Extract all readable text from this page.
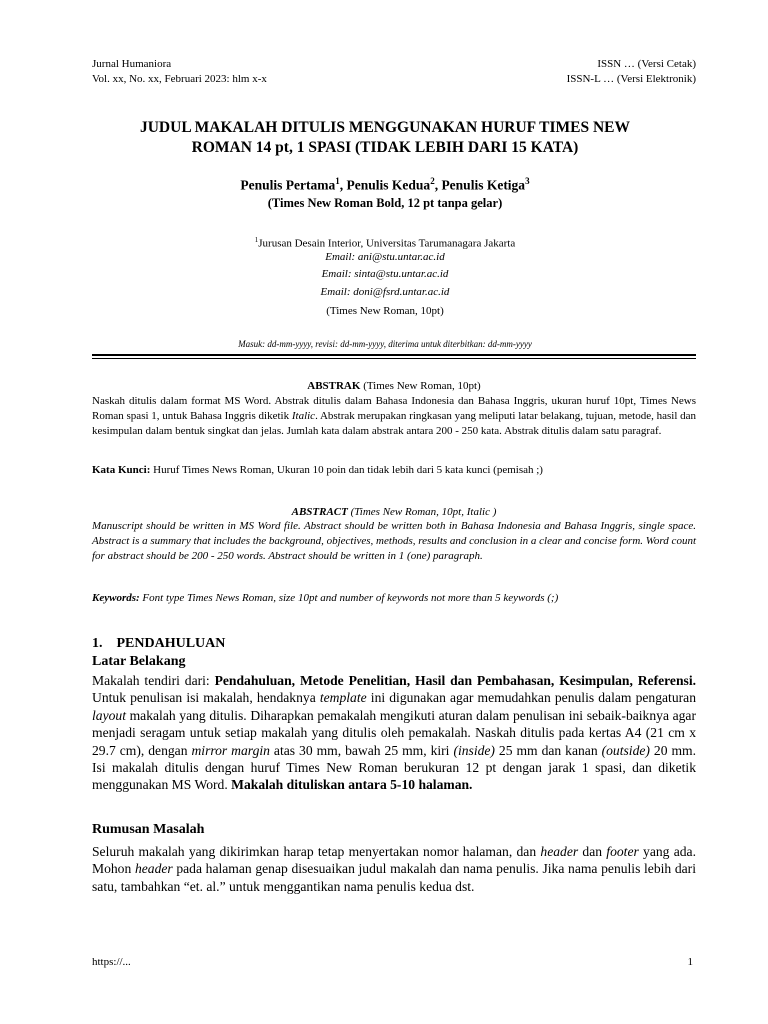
Jurnal Humaniora
Vol. xx, No. xx, Februari 2023: hlm x-x
ISSN … (Versi Cetak)
ISSN-L … (Versi Elektronik)
JUDUL MAKALAH DITULIS MENGGUNAKAN HURUF TIMES NEW
ROMAN 14 pt, 1 SPASI (TIDAK LEBIH DARI 15 KATA)
Penulis Pertama$^1$, Penulis Kedua$^2$, Penulis Ketiga$^3$
(Times New Roman Bold, 12 pt tanpa gelar)
$^1$Jurusan Desain Interior, Universitas Tarumanagara Jakarta
Email: ani@stu.untar.ac.id
Email: sinta@stu.untar.ac.id
Email: doni@fsrd.untar.ac.id
(Times New Roman, 10pt)
Masuk: dd-mm-yyyy, revisi: dd-mm-yyyy, diterima untuk diterbitkan: dd-mm-yyyy
ABSTRAK (Times New Roman, 10pt)
Naskah ditulis dalam format MS Word. Abstrak ditulis dalam Bahasa Indonesia dan Bahasa Inggris, ukuran huruf 10pt, Times News Roman spasi 1, untuk Bahasa Inggris diketik Italic. Abstrak merupakan ringkasan yang meliputi latar belakang, tujuan, metode, hasil dan kesimpulan dalam bentuk singkat dan jelas. Jumlah kata dalam abstrak antara 200 - 250 kata. Abstrak ditulis dalam satu paragraf.
Kata Kunci: Huruf Times News Roman, Ukuran 10 poin dan tidak lebih dari 5 kata kunci (pemisah ;)
ABSTRACT (Times New Roman, 10pt, Italic )
Manuscript should be written in MS Word file. Abstract should be written both in Bahasa Indonesia and Bahasa Inggris, single space. Abstract is a summary that includes the background, objectives, methods, results and conclusion in a clear and concise form. Word count for abstract should be 200 - 250 words. Abstract should be written in 1 (one) paragraph.
Keywords: Font type Times News Roman, size 10pt and number of keywords not more than 5 keywords (;)
1.    PENDAHULUAN
Latar Belakang
Makalah tendiri dari: Pendahuluan, Metode Penelitian, Hasil dan Pembahasan, Kesimpulan, Referensi. Untuk penulisan isi makalah, hendaknya template ini digunakan agar memudahkan penulis dalam pengaturan layout makalah yang ditulis. Diharapkan pemakalah mengikuti aturan dalam penulisan ini sebaik-baiknya agar menjadi seragam untuk setiap makalah yang ditulis oleh pemakalah. Naskah ditulis pada kertas A4 (21 cm x 29.7 cm), dengan mirror margin atas 30 mm, bawah 25 mm, kiri (inside) 25 mm dan kanan (outside) 20 mm. Isi makalah ditulis dengan huruf Times New Roman berukuran 12 pt dengan jarak 1 spasi, dan diketik menggunakan MS Word. Makalah dituliskan antara 5-10 halaman.
Rumusan Masalah
Seluruh makalah yang dikirimkan harap tetap menyertakan nomor halaman, dan header dan footer yang ada. Mohon header pada halaman genap disesuaikan judul makalah dan nama penulis. Jika nama penulis lebih dari satu, tambahkan “et. al.” untuk menggantikan nama penulis kedua dst.
https://...	1
